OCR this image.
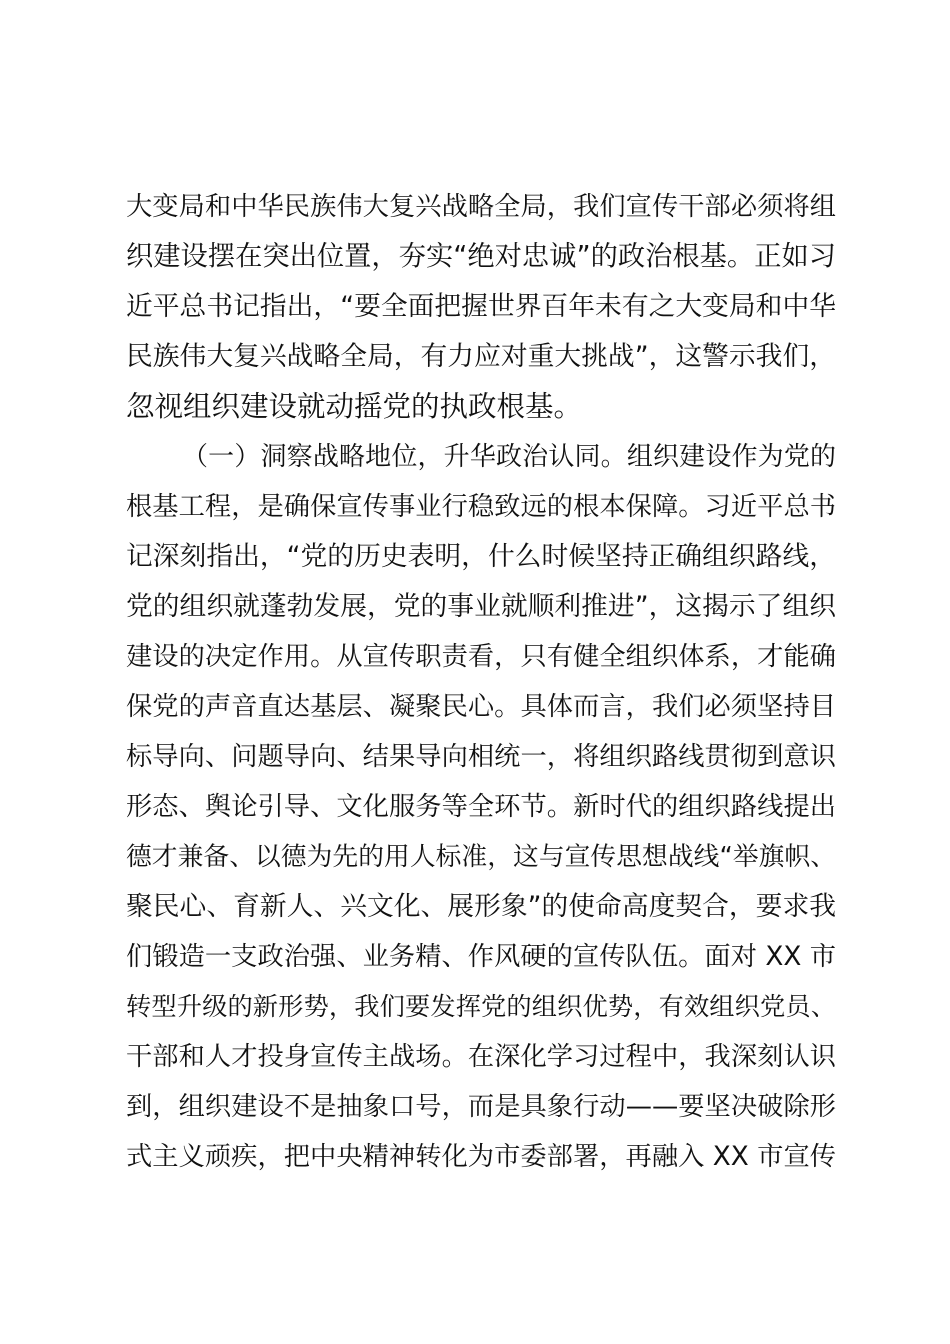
大变局和中华民族伟大复兴战略全局，我们宣传干部必须将组
织建设摆在突出位置，夯实“绝对忠诚”的政治根基。正如习
近平总书记指出，“要全面把握世界百年未有之大变局和中华
民族伟大复兴战略全局，有力应对重大挑战”，这警示我们，
忽视组织建设就动摇党的执政根基。
（一）洞察战略地位，升华政治认同。组织建设作为党的
根基工程，是确保宣传事业行稳致远的根本保障。习近平总书
记深刻指出，“党的历史表明，什么时候坚持正确组织路线，
党的组织就蓬勃发展，党的事业就顺利推进”，这揭示了组织
建设的决定作用。从宣传职责看，只有健全组织体系，才能确
保党的声音直达基层、凝聚民心。具体而言，我们必须坚持目
标导向、问题导向、结果导向相统一，将组织路线贯彻到意识
形态、舆论引导、文化服务等全环节。新时代的组织路线提出
德才兼备、以德为先的用人标准，这与宣传思想战线“举旗帜、
聚民心、育新人、兴文化、展形象”的使命高度契合，要求我
们锻造一支政治强、业务精、作风硬的宣传队伍。面对 XX 市
转型升级的新形势，我们要发挥党的组织优势，有效组织党员、
干部和人才投身宣传主战场。在深化学习过程中，我深刻认识
到，组织建设不是抽象口号，而是具象行动——要坚决破除形
式主义顽疾，把中央精神转化为市委部署，再融入 XX 市宣传
